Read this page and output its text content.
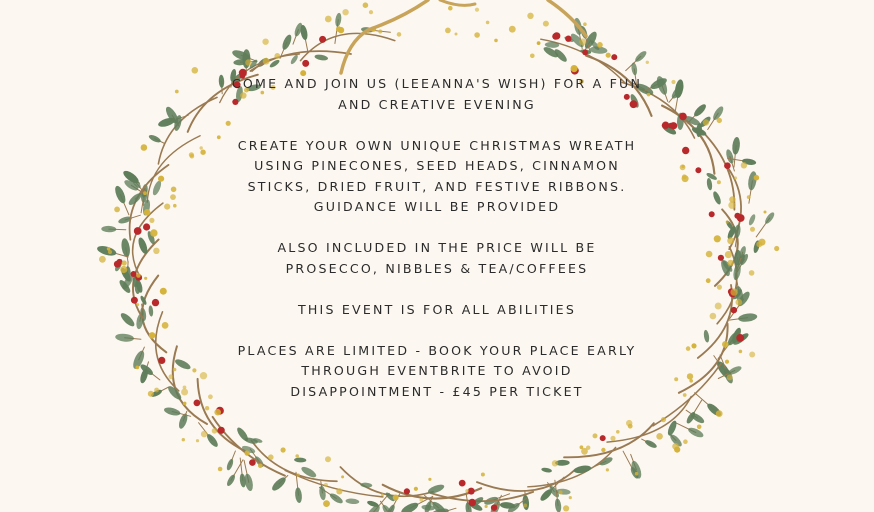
COME AND JOIN US (LEEANNA'S WISH) FOR A FUN AND CREATIVE EVENING

CREATE YOUR OWN UNIQUE CHRISTMAS WREATH USING PINECONES, SEED HEADS, CINNAMON STICKS, DRIED FRUIT, AND FESTIVE RIBBONS. GUIDANCE WILL BE PROVIDED

ALSO INCLUDED IN THE PRICE WILL BE PROSECCO, NIBBLES & TEA/COFFEES

THIS EVENT IS FOR ALL ABILITIES

PLACES ARE LIMITED - BOOK YOUR PLACE EARLY THROUGH EVENTBRITE TO AVOID DISAPPOINTMENT - £45 PER TICKET
